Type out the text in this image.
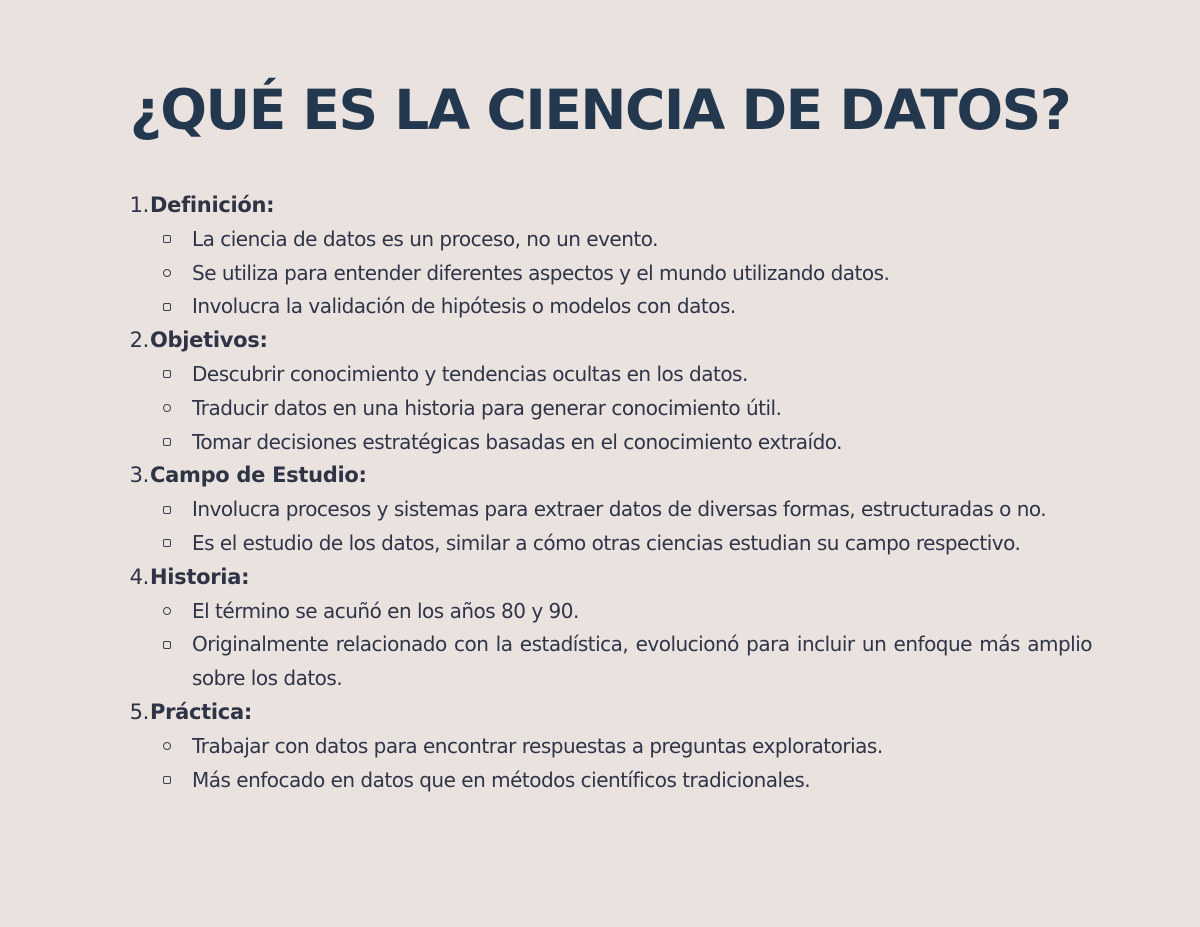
¿QUÉ ES LA CIENCIA DE DATOS?
1. Definición:
La ciencia de datos es un proceso, no un evento.
Se utiliza para entender diferentes aspectos y el mundo utilizando datos.
Involucra la validación de hipótesis o modelos con datos.
2. Objetivos:
Descubrir conocimiento y tendencias ocultas en los datos.
Traducir datos en una historia para generar conocimiento útil.
Tomar decisiones estratégicas basadas en el conocimiento extraído.
3. Campo de Estudio:
Involucra procesos y sistemas para extraer datos de diversas formas, estructuradas o no.
Es el estudio de los datos, similar a cómo otras ciencias estudian su campo respectivo.
4. Historia:
El término se acuñó en los años 80 y 90.
Originalmente relacionado con la estadística, evolucionó para incluir un enfoque más amplio sobre los datos.
5. Práctica:
Trabajar con datos para encontrar respuestas a preguntas exploratorias.
Más enfocado en datos que en métodos científicos tradicionales.
